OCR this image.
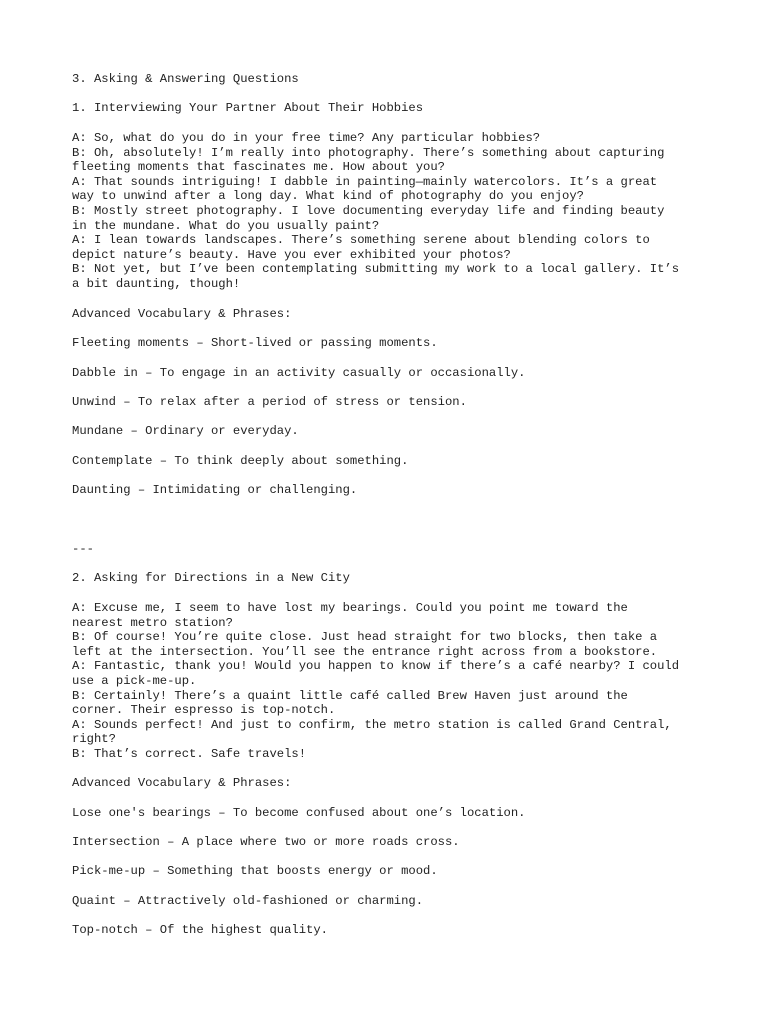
3. Asking & Answering Questions

1. Interviewing Your Partner About Their Hobbies

A: So, what do you do in your free time? Any particular hobbies?

B: Oh, absolutely! I’m really into photography. There’s something about capturing

fleeting moments that fascinates me. How about you?

A: That sounds intriguing! I dabble in painting—mainly watercolors. It’s a great

way to unwind after a long day. What kind of photography do you enjoy?

B: Mostly street photography. I love documenting everyday life and finding beauty

in the mundane. What do you usually paint?

A: I lean towards landscapes. There’s something serene about blending colors to

depict nature’s beauty. Have you ever exhibited your photos?

B: Not yet, but I’ve been contemplating submitting my work to a local gallery. It’s

a bit daunting, though!

Advanced Vocabulary & Phrases:

Fleeting moments – Short-lived or passing moments.

Dabble in – To engage in an activity casually or occasionally.

Unwind – To relax after a period of stress or tension.

Mundane – Ordinary or everyday.

Contemplate – To think deeply about something.

Daunting – Intimidating or challenging.

---

2. Asking for Directions in a New City

A: Excuse me, I seem to have lost my bearings. Could you point me toward the

nearest metro station?

B: Of course! You’re quite close. Just head straight for two blocks, then take a

left at the intersection. You’ll see the entrance right across from a bookstore.

A: Fantastic, thank you! Would you happen to know if there’s a café nearby? I could

use a pick-me-up.

B: Certainly! There’s a quaint little café called Brew Haven just around the

corner. Their espresso is top-notch.

A: Sounds perfect! And just to confirm, the metro station is called Grand Central,

right?

B: That’s correct. Safe travels!

Advanced Vocabulary & Phrases:

Lose one's bearings – To become confused about one’s location.

Intersection – A place where two or more roads cross.

Pick-me-up – Something that boosts energy or mood.

Quaint – Attractively old-fashioned or charming.

Top-notch – Of the highest quality.
